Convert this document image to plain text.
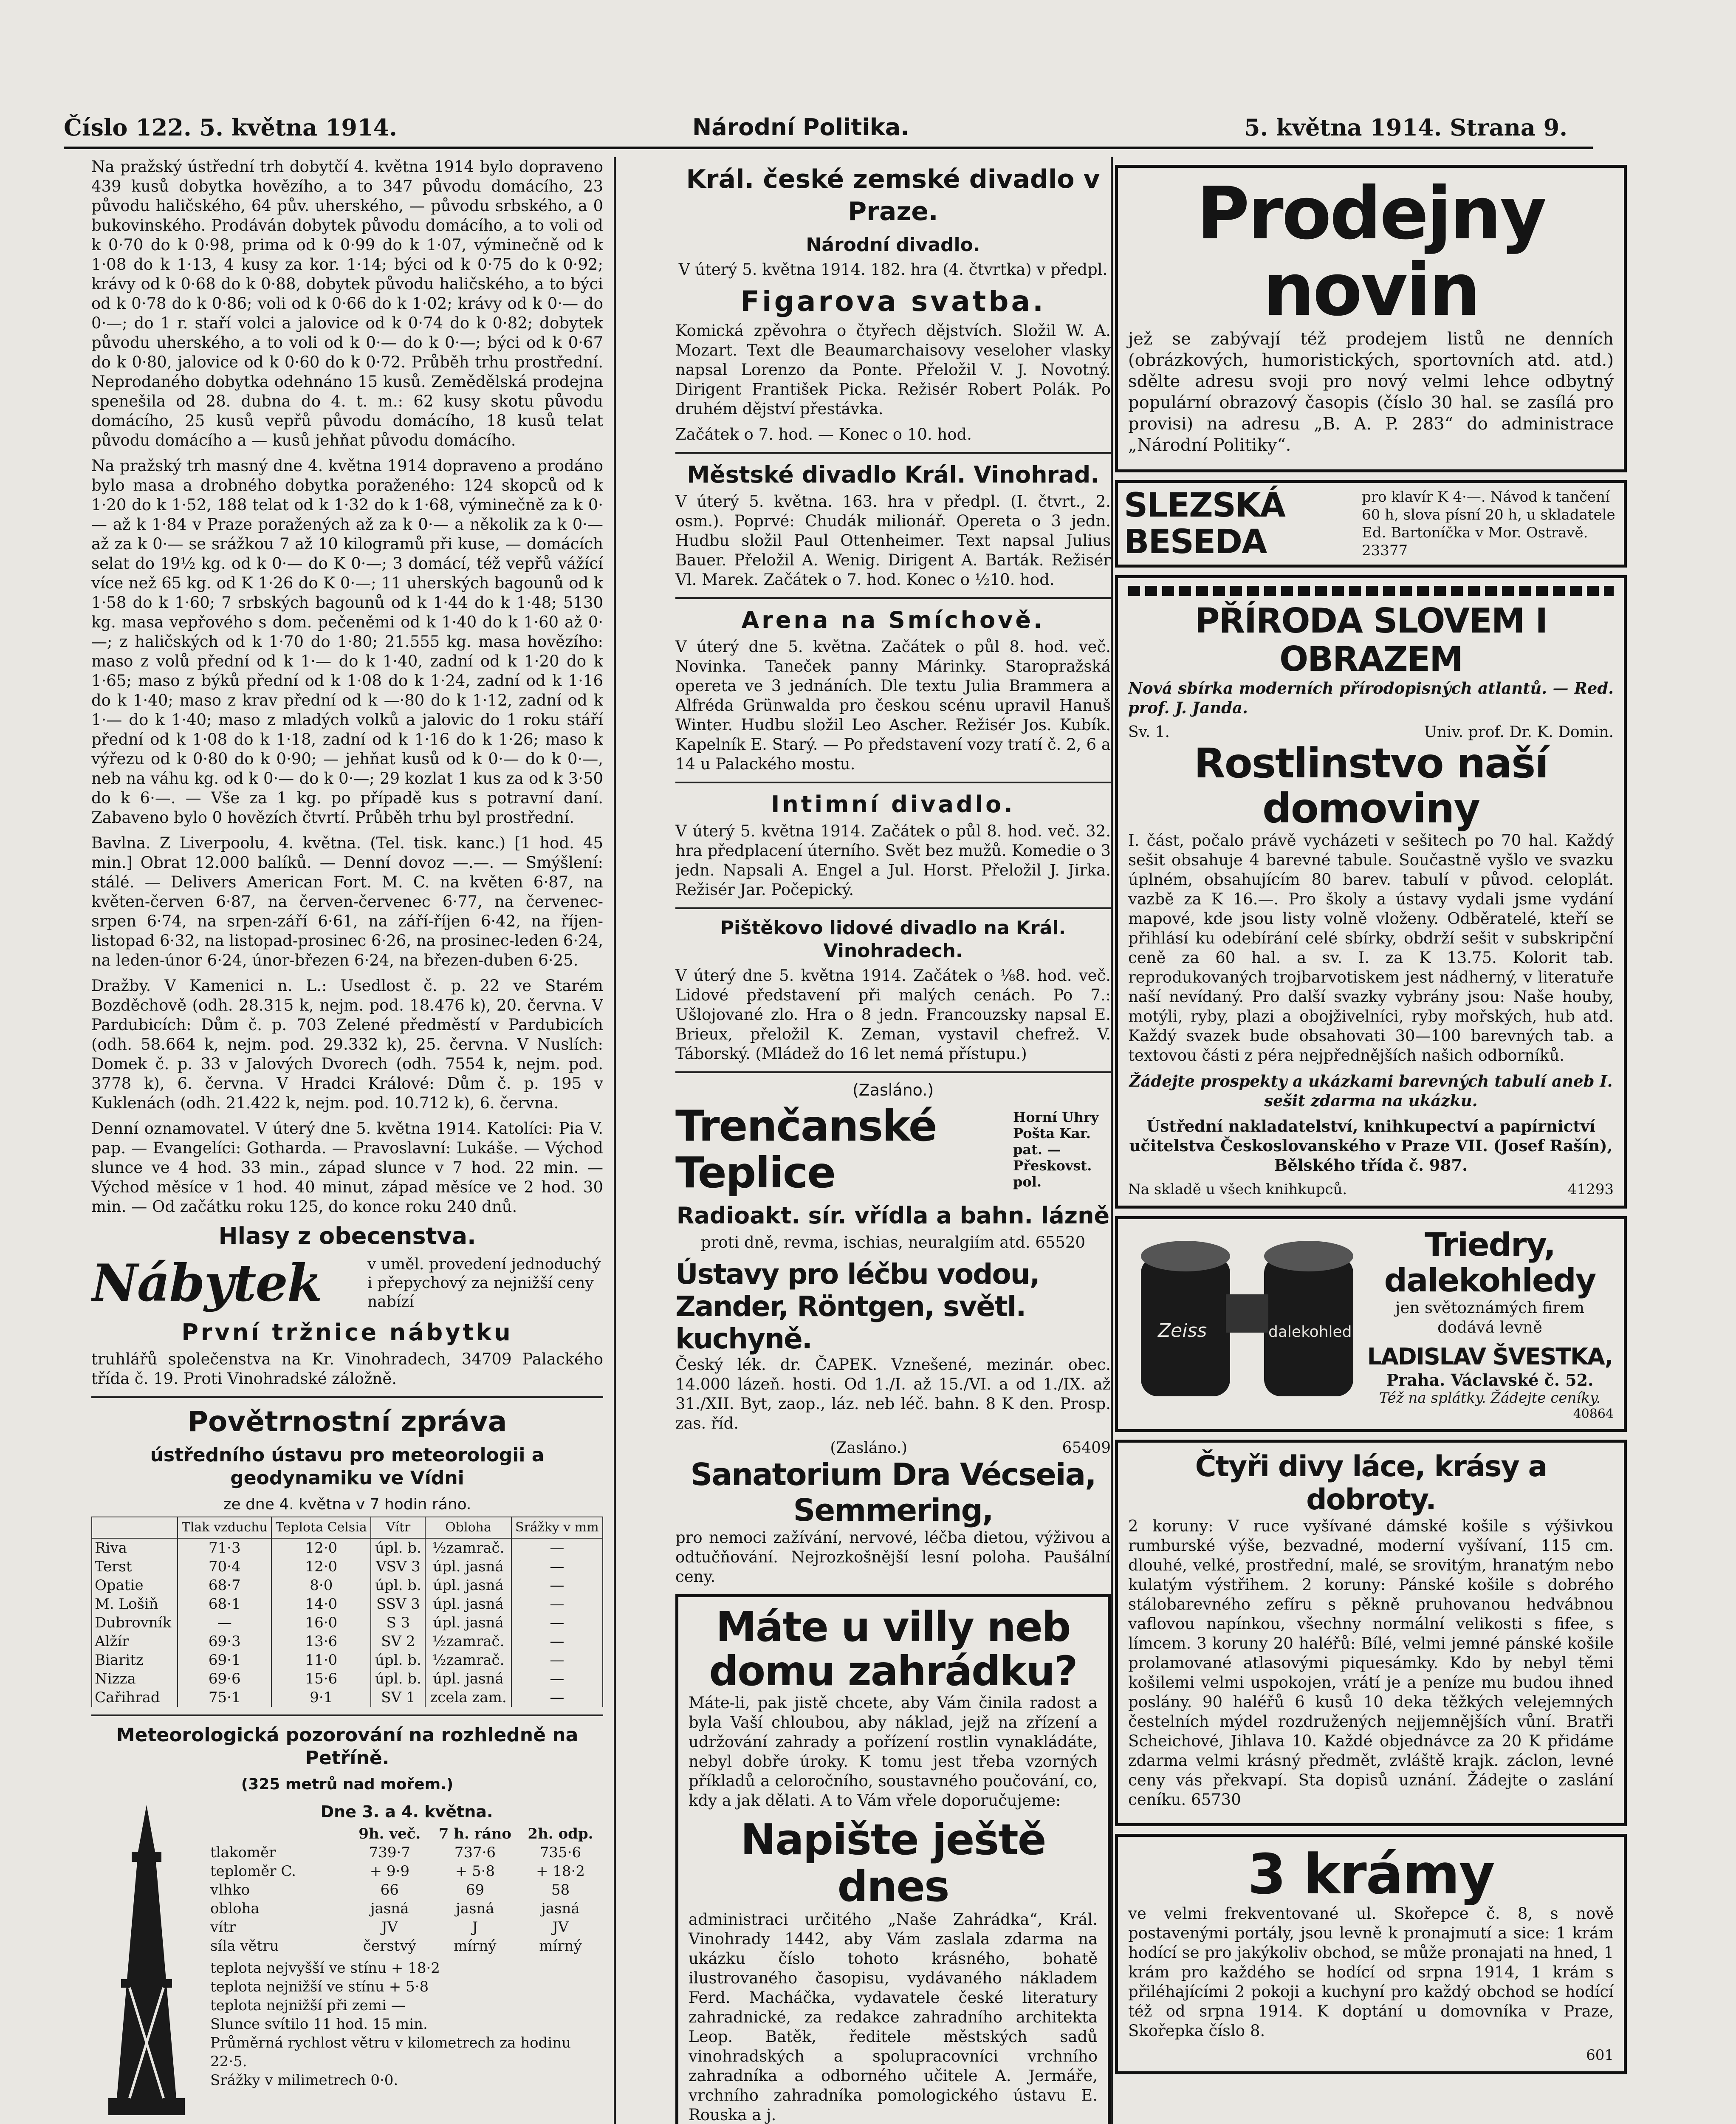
Číslo 122. 5. května 1914.	Národní Politika.	5. května 1914. Strana 9.

Na pražský ústřední trh dobytčí 4. května 1914 bylo dopraveno 439 kusů dobytka hovězího, a to 347 původu domácího, 23 původu haličského, 64 pův. uherského, — původu srbského, a 0 bukovinského. Prodáván dobytek původu domácího, a to voli od k 0·70 do k 0·98, prima od k 0·99 do k 1·07, výminečně od k 1·08 do k 1·13, 4 kusy za kor. 1·14; býci od k 0·75 do k 0·92; krávy od k 0·68 do k 0·88, dobytek původu haličského, a to býci od k 0·78 do k 0·86; voli od k 0·66 do k 1·02; krávy od k 0·— do 0·—; do 1 r. staří volci a jalovice od k 0·74 do k 0·82; dobytek původu uherského, a to voli od k 0·— do k 0·—; býci od k 0·67 do k 0·80, jalovice od k 0·60 do k 0·72. Průběh trhu prostřední. Neprodaného dobytka odehnáno 15 kusů. Zemědělská prodejna spenešila od 28. dubna do 4. t. m.: 62 kusy skotu původu domácího, 25 kusů vepřů původu domácího, 18 kusů telat původu domácího a — kusů jehňat původu domácího.

Na pražský trh masný dne 4. května 1914 dopraveno a prodáno bylo masa a drobného dobytka poraženého: 124 skopců od k 1·20 do k 1·52, 188 telat od k 1·32 do k 1·68, výminečně za k 0·— až k 1·84 v Praze poražených až za k 0·— a několik za k 0·— až za k 0·— se srážkou 7 až 10 kilogramů při kuse, — domácích selat do 19½ kg. od k 0·— do K 0·—; 3 domácí, též vepřů vážící více než 65 kg. od K 1·26 do K 0·—; 11 uherských bagounů od k 1·58 do k 1·60; 7 srbských bagounů od k 1·44 do k 1·48; 5130 kg. masa vepřového s dom. pečeněmi od k 1·40 do k 1·60 až 0·—; z haličských od k 1·70 do 1·80; 21.555 kg. masa hovězího: maso z volů přední od k 1·— do k 1·40, zadní od k 1·20 do k 1·65; maso z býků přední od k 1·08 do k 1·24, zadní od k 1·16 do k 1·40; maso z krav přední od k —·80 do k 1·12, zadní od k 1·— do k 1·40; maso z mladých volků a jalovic do 1 roku stáří přední od k 1·08 do k 1·18, zadní od k 1·16 do k 1·26; maso k výřezu od k 0·80 do k 0·90; — jehňat kusů od k 0·— do k 0·—, neb na váhu kg. od k 0·— do k 0·—; 29 kozlat 1 kus za od k 3·50 do k 6·—. — Vše za 1 kg. po případě kus s potravní daní. Zabaveno bylo 0 hovězích čtvrtí. Průběh trhu byl prostřední.

Bavlna. Z Liverpoolu, 4. května. (Tel. tisk. kanc.) [1 hod. 45 min.] Obrat 12.000 balíků. — Denní dovoz —.—. — Smýšlení: stálé. — Delivers American Fort. M. C. na květen 6·87, na květen-červen 6·87, na červen-červenec 6·77, na červenec-srpen 6·74, na srpen-září 6·61, na září-říjen 6·42, na říjen-listopad 6·32, na listopad-prosinec 6·26, na prosinec-leden 6·24, na leden-únor 6·24, únor-březen 6·24, na březen-duben 6·25.

Dražby. V Kamenici n. L.: Usedlost č. p. 22 ve Starém Bozděchově (odh. 28.315 k, nejm. pod. 18.476 k), 20. června. V Pardubicích: Dům č. p. 703 Zelené předměstí v Pardubicích (odh. 58.664 k, nejm. pod. 29.332 k), 25. června. V Nuslích: Domek č. p. 33 v Jalových Dvorech (odh. 7554 k, nejm. pod. 3778 k), 6. června. V Hradci Králové: Dům č. p. 195 v Kuklenách (odh. 21.422 k, nejm. pod. 10.712 k), 6. června.

Denní oznamovatel. V úterý dne 5. května 1914. Katolíci: Pia V. pap. — Evangelíci: Gotharda. — Pravoslavní: Lukáše. — Východ slunce ve 4 hod. 33 min., západ slunce v 7 hod. 22 min. — Východ měsíce v 1 hod. 40 minut, západ měsíce ve 2 hod. 30 min. — Od začátku roku 125, do konce roku 240 dnů.

Hlasy z obecenstva.
Nábytek	v uměl. provedení jednoduchý i přepychový za nejnižší ceny nabízí
První tržnice nábytku

truhlářů společenstva na Kr. Vinohradech, 34709 Palackého třída č. 19. Proti Vinohradské záložně.

Povětrnostní zpráva
ústředního ústavu pro meteorologii a geodynamiku ve Vídni
ze dne 4. května v 7 hodin ráno.
	Tlak vzduchu	Teplota Celsia	Vítr	Obloha	Srážky v mm
Riva	71·3	12·0	úpl. b.	½zamrač.	—
Terst	70·4	12·0	VSV 3	úpl. jasná	—
Opatie	68·7	8·0	úpl. b.	úpl. jasná	—
M. Lošiň	68·1	14·0	SSV 3	úpl. jasná	—
Dubrovník	—	16·0	S 3	úpl. jasná	—
Alžír	69·3	13·6	SV 2	½zamrač.	—
Biaritz	69·1	11·0	úpl. b.	½zamrač.	—
Nizza	69·6	15·6	úpl. b.	úpl. jasná	—
Cařihrad	75·1	9·1	SV 1	zcela zam.	—
Meteorologická pozorování na rozhledně na Petříně.
(325 metrů nad mořem.)
Dne 3. a 4. května.
9h. več.	7 h. ráno	2h. odp.
tlakoměr	739·7	737·6	735·6
teploměr C.	+ 9·9	+ 5·8	+ 18·2
vlhko	66	69	58
obloha	jasná	jasná	jasná
vítr	JV	J	JV
síla větru	čerstvý	mírný	mírný
teplota nejvyšší ve stínu + 18·2
teplota nejnižší ve stínu + 5·8
teplota nejnižší při zemi —
Slunce svítilo 11 hod. 15 min.
Průměrná rychlost větru v kilometrech za hodinu 22·5.
Srážky v milimetrech 0·0.

Král. české zemské divadlo v Praze.
Národní divadlo.
V úterý 5. května 1914. 182. hra (4. čtvrtka) v předpl.
Figarova svatba.

Komická zpěvohra o čtyřech dějstvích. Složil W. A. Mozart. Text dle Beaumarchaisovy veseloher vlasky napsal Lorenzo da Ponte. Přeložil V. J. Novotný. Dirigent František Picka. Režisér Robert Polák. Po druhém dějství přestávka.

Začátek o 7. hod. — Konec o 10. hod.

Městské divadlo Král. Vinohrad.

V úterý 5. května. 163. hra v předpl. (I. čtvrt., 2. osm.). Poprvé: Chudák milionář. Opereta o 3 jedn. Hudbu složil Paul Ottenheimer. Text napsal Julius Bauer. Přeložil A. Wenig. Dirigent A. Barták. Režisér Vl. Marek. Začátek o 7. hod. Konec o ½10. hod.

Arena na Smíchově.

V úterý dne 5. května. Začátek o půl 8. hod. več. Novinka. Taneček panny Márinky. Staropražská opereta ve 3 jednáních. Dle textu Julia Brammera a Alfréda Grünwalda pro českou scénu upravil Hanuš Winter. Hudbu složil Leo Ascher. Režisér Jos. Kubík. Kapelník E. Starý. — Po představení vozy tratí č. 2, 6 a 14 u Palackého mostu.

Intimní divadlo.

V úterý 5. května 1914. Začátek o půl 8. hod. več. 32. hra předplacení úterního. Svět bez mužů. Komedie o 3 jedn. Napsali A. Engel a Jul. Horst. Přeložil J. Jirka. Režisér Jar. Počepický.

Pištěkovo lidové divadlo na Král. Vinohradech.

V úterý dne 5. května 1914. Začátek o ⅛8. hod. več. Lidové představení při malých cenách. Po 7.: Ušlojované zlo. Hra o 8 jedn. Francouzsky napsal E. Brieux, přeložil K. Zeman, vystavil chefrež. V. Táborský. (Mládež do 16 let nemá přístupu.)

(Zasláno.)
Trenčanské Teplice
Horní Uhry Pošta Kar. pat. — Přeskovst. pol.
Radioakt. sír. vřídla a bahn. lázně
proti dně, revma, ischias, neuralgiím atd. 65520
Ústavy pro léčbu vodou, Zander, Röntgen, světl. kuchyně.

Český lék. dr. ČAPEK. Vznešené, mezinár. obec. 14.000 lázeň. hosti. Od 1./I. až 15./VI. a od 1./IX. až 31./XII. Byt, zaop., láz. neb léč. bahn. 8 K den. Prosp. zas. říd.

(Zasláno.)	65409
Sanatorium Dra Vécseia, Semmering,

pro nemoci zažívání, nervové, léčba dietou, výživou a odtučňování. Nejrozkošnější lesní poloha. Paušální ceny.

Máte u villy neb domu zahrádku?

Máte-li, pak jistě chcete, aby Vám činila radost a byla Vaší chloubou, aby náklad, jejž na zřízení a udržování zahrady a pořízení rostlin vynakládáte, nebyl dobře úroky. K tomu jest třeba vzorných příkladů a celoročního, soustavného poučování, co, kdy a jak dělati. A to Vám vřele doporučujeme:

Napište ještě dnes

administraci určitého „Naše Zahrádka“, Král. Vinohrady 1442, aby Vám zaslala zdarma na ukázku číslo tohoto krásného, bohatě ilustrovaného časopisu, vydávaného nákladem Ferd. Macháčka, vydavatele české literatury zahradnické, za redakce zahradního architekta Leop. Batěk, ředitele městských sadů vinohradských a spolupracovníci vrchního zahradníka a odborného učitele A. Jermáře, vrchního zahradníka pomologického ústavu E. Rouska a j.

Prodejny novin

jež se zabývají též prodejem listů ne denních (obrázkových, humoristických, sportovních atd. atd.) sdělte adresu svoji pro nový velmi lehce odbytný populární obrazový časopis (číslo 30 hal. se zasílá pro provisi) na adresu „B. A. P. 283“ do administrace „Národní Politiky“.

SLEZSKÁ BESEDA
pro klavír K 4·—. Návod k tančení 60 h, slova písní 20 h, u skladatele Ed. Bartoníčka v Mor. Ostravě. 23377
PŘÍRODA SLOVEM I OBRAZEM

Nová sbírka moderních přírodopisných atlantů. — Red. prof. J. Janda.

Sv. 1.	Univ. prof. Dr. K. Domin.
Rostlinstvo naší domoviny

I. část, počalo právě vycházeti v sešitech po 70 hal. Každý sešit obsahuje 4 barevné tabule. Součastně vyšlo ve svazku úplném, obsahujícím 80 barev. tabulí v původ. celoplát. vazbě za K 16.—. Pro školy a ústavy vydali jsme vydání mapové, kde jsou listy volně vloženy. Odběratelé, kteří se přihlásí ku odebírání celé sbírky, obdrží sešit v subskripční ceně za 60 hal. a sv. I. za K 13.75. Kolorit tab. reprodukovaných trojbarvotiskem jest nádherný, v literatuře naší nevídaný. Pro další svazky vybrány jsou: Naše houby, motýli, ryby, plazi a obojživelníci, ryby mořských, hub atd. Každý svazek bude obsahovati 30—100 barevných tab. a textovou části z péra nejpřednějších našich odborníků.

Žádejte prospekty a ukázkami barevných tabulí aneb I. sešit zdarma na ukázku.

Ústřední nakladatelství, knihkupectví a papírnictví učitelstva Českoslovanského v Praze VII. (Josef Rašín), Bělského třída č. 987.

Na skladě u všech knihkupců.	41293
Zeiss	dalekohled
Triedry, dalekohledy

jen světoznámých firem dodává levně

LADISLAV ŠVESTKA,
Praha. Václavské č. 52.
Též na splátky. Žádejte ceníky.
40864
Čtyři divy láce, krásy a dobroty.

2 koruny: V ruce vyšívané dámské košile s výšivkou rumburské výše, bezvadné, moderní vyšívaní, 115 cm. dlouhé, velké, prostřední, malé, se srovitým, hranatým nebo kulatým výstřihem. 2 koruny: Pánské košile s dobrého stálobarevného zefíru s pěkně pruhovanou hedvábnou vaflovou napínkou, všechny normální velikosti s fifee, s límcem. 3 koruny 20 haléřů: Bílé, velmi jemné pánské košile prolamované atlasovými piquesámky. Kdo by nebyl těmi košilemi velmi uspokojen, vrátí je a peníze mu budou ihned poslány. 90 haléřů 6 kusů 10 deka těžkých velejemných čestelních mýdel rozdružených nejjemnějších vůní. Bratři Scheichové, Jihlava 10. Každé objednávce za 20 K přidáme zdarma velmi krásný předmět, zvláště krajk. záclon, levné ceny vás překvapí. Sta dopisů uznání. Žádejte o zaslání ceníku. 65730

3 krámy

ve velmi frekventované ul. Skořepce č. 8, s nově postavenými portály, jsou levně k pronajmutí a sice: 1 krám hodící se pro jakýkoliv obchod, se může pronajati na hned, 1 krám pro každého se hodící od srpna 1914, 1 krám s přiléhajícími 2 pokoji a kuchyní pro každý obchod se hodící též od srpna 1914. K doptání u domovníka v Praze, Skořepka číslo 8.

601
